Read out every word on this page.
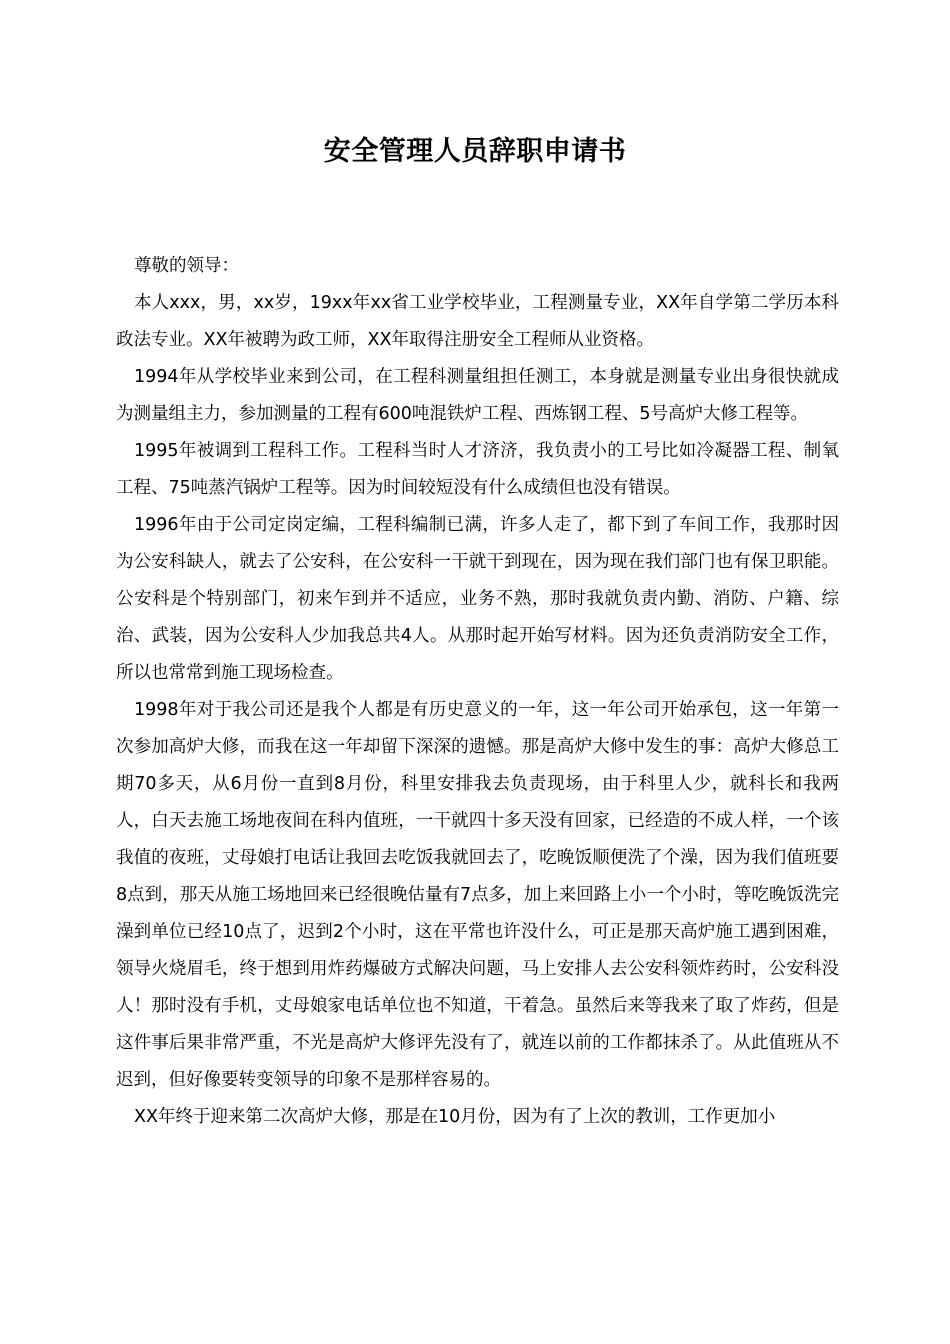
安全管理人员辞职申请书

尊敬的领导：

本人xxx，男，xx岁，19xx年xx省工业学校毕业，工程测量专业，XX年自学第二学历本科政法专业。XX年被聘为政工师，XX年取得注册安全工程师从业资格。

1994年从学校毕业来到公司，在工程科测量组担任测工，本身就是测量专业出身很快就成为测量组主力，参加测量的工程有600吨混铁炉工程、西炼钢工程、5号高炉大修工程等。

1995年被调到工程科工作。工程科当时人才济济，我负责小的工号比如冷凝器工程、制氧工程、75吨蒸汽锅炉工程等。因为时间较短没有什么成绩但也没有错误。

1996年由于公司定岗定编，工程科编制已满，许多人走了，都下到了车间工作，我那时因为公安科缺人，就去了公安科，在公安科一干就干到现在，因为现在我们部门也有保卫职能。公安科是个特别部门，初来乍到并不适应，业务不熟，那时我就负责内勤、消防、户籍、综治、武装，因为公安科人少加我总共4人。从那时起开始写材料。因为还负责消防安全工作，所以也常常到施工现场检查。

1998年对于我公司还是我个人都是有历史意义的一年，这一年公司开始承包，这一年第一次参加高炉大修，而我在这一年却留下深深的遗憾。那是高炉大修中发生的事：高炉大修总工期70多天，从6月份一直到8月份，科里安排我去负责现场，由于科里人少，就科长和我两人，白天去施工场地夜间在科内值班，一干就四十多天没有回家，已经造的不成人样，一个该我值的夜班，丈母娘打电话让我回去吃饭我就回去了，吃晚饭顺便洗了个澡，因为我们值班要8点到，那天从施工场地回来已经很晚估量有7点多，加上来回路上小一个小时，等吃晚饭洗完澡到单位已经10点了，迟到2个小时，这在平常也许没什么，可正是那天高炉施工遇到困难，领导火烧眉毛，终于想到用炸药爆破方式解决问题，马上安排人去公安科领炸药时，公安科没人！那时没有手机，丈母娘家电话单位也不知道，干着急。虽然后来等我来了取了炸药，但是这件事后果非常严重，不光是高炉大修评先没有了，就连以前的工作都抹杀了。从此值班从不迟到，但好像要转变领导的印象不是那样容易的。

XX年终于迎来第二次高炉大修，那是在10月份，因为有了上次的教训，工作更加小
